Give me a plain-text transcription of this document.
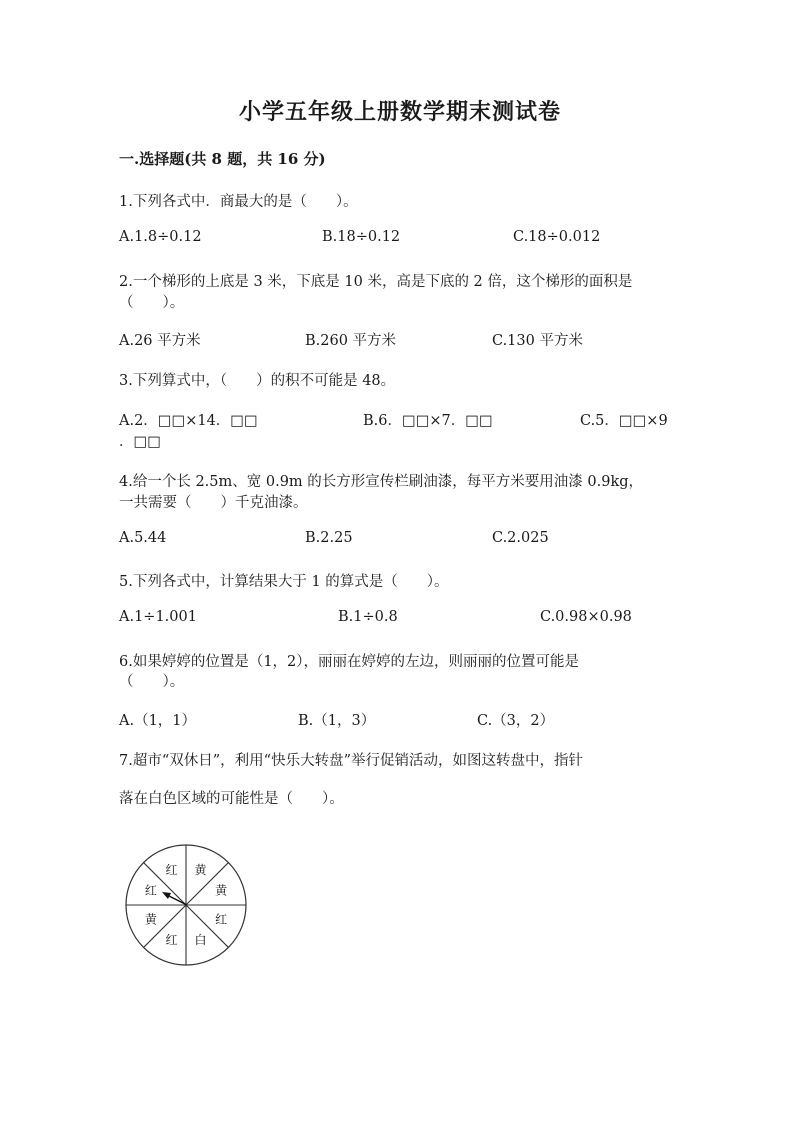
小学五年级上册数学期末测试卷
一.选择题(共 8 题，共 16 分)
1.下列各式中．商最大的是（　　）。
A.1.8÷0.12	B.18÷0.12	C.18÷0.012
2.一个梯形的上底是 3 米，下底是 10 米，高是下底的 2 倍，这个梯形的面积是
（　　）。
A.26 平方米	B.260 平方米	C.130 平方米
3.下列算式中，（　　）的积不可能是 48。
A.2．□□×14．□□	B.6．□□×7．□□	C.5．□□×9
．□□
4.给一个长 2.5m、宽 0.9m 的长方形宣传栏刷油漆，每平方米要用油漆 0.9kg，
一共需要（　　）千克油漆。
A.5.44	B.2.25	C.2.025
5.下列各式中，计算结果大于 1 的算式是（　　）。
A.1÷1.001	B.1÷0.8	C.0.98×0.98
6.如果婷婷的位置是（1，2），丽丽在婷婷的左边，则丽丽的位置可能是
（　　）。
A.（1，1）	B.（1，3）	C.（3，2）
7.超市“双休日”，利用“快乐大转盘”举行促销活动，如图这转盘中，指针
落在白色区域的可能性是（　　）。
红 黄
黄
红
白
红
黄
红
